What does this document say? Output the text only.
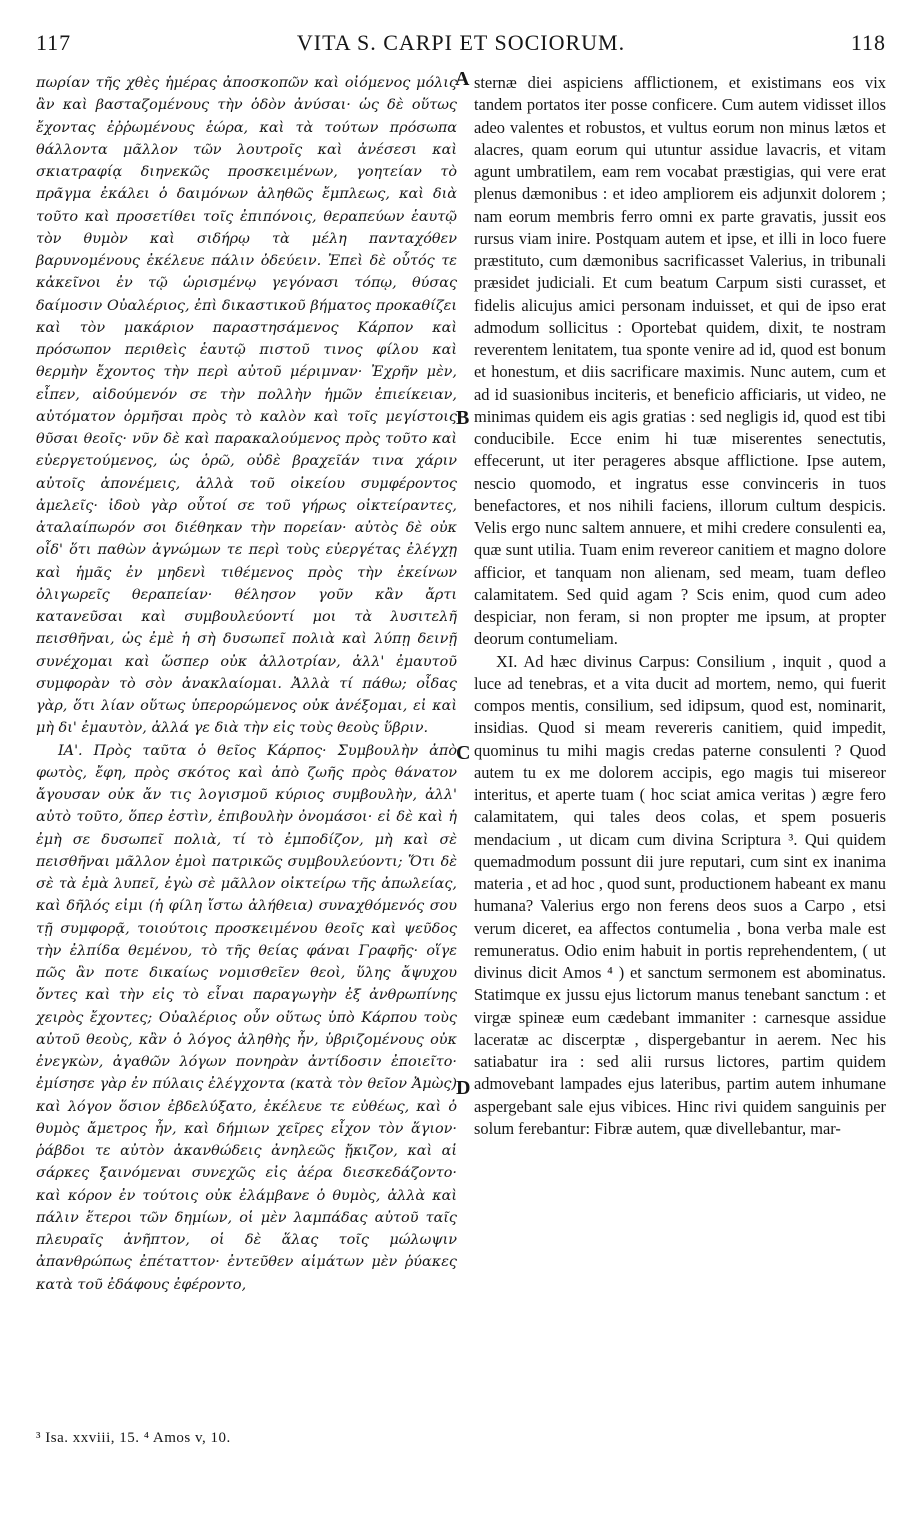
117	VITA S. CARPI ET SOCIORUM.	118

πωρίαν τῆς χθὲς ἡμέρας ἀποσκοπῶν καὶ οἰόμενος μόλις ἂν καὶ βασταζομένους τὴν ὁδὸν ἀνύσαι· ὡς δὲ οὕτως ἔχοντας ἐῤῥωμένους ἑώρα, καὶ τὰ τούτων πρόσωπα θάλλοντα μᾶλλον τῶν λουτροῖς καὶ ἀνέσεσι καὶ σκιατραφίᾳ διηνεκῶς προσκειμένων, γοητείαν τὸ πρᾶγμα ἐκάλει ὁ δαιμόνων ἀληθῶς ἔμπλεως, καὶ διὰ τοῦτο καὶ προσετίθει τοῖς ἐπιπόνοις, θεραπεύων ἑαυτῷ τὸν θυμὸν καὶ σιδήρῳ τὰ μέλη πανταχόθεν βαρυνομένους ἐκέλευε πάλιν ὁδεύειν. Ἐπεὶ δὲ οὗτός τε κἀκεῖνοι ἐν τῷ ὡρισμένῳ γεγόνασι τόπῳ, θύσας δαίμοσιν Οὐαλέριος, ἐπὶ δικαστικοῦ βήματος προκαθίζει καὶ τὸν μακάριον παραστησάμενος Κάρπον καὶ πρόσωπον περιθεὶς ἑαυτῷ πιστοῦ τινος φίλου καὶ θερμὴν ἔχοντος τὴν περὶ αὐτοῦ μέριμναν· Ἐχρῆν μὲν, εἶπεν, αἰδούμενόν σε τὴν πολλὴν ἡμῶν ἐπιείκειαν, αὐτόματον ὁρμῆσαι πρὸς τὸ καλὸν καὶ τοῖς μεγίστοις θῦσαι θεοῖς· νῦν δὲ καὶ παρακαλούμενος πρὸς τοῦτο καὶ εὐεργετούμενος, ὡς ὁρῶ, οὐδὲ βραχεῖάν τινα χάριν αὐτοῖς ἀπονέμεις, ἀλλὰ τοῦ οἰκείου συμφέροντος ἀμελεῖς· ἰδοὺ γὰρ οὗτοί σε τοῦ γήρως οἰκτείραντες, ἀταλαίπωρόν σοι διέθηκαν τὴν πορείαν· αὐτὸς δὲ οὐκ οἶδ' ὅτι παθὼν ἀγνώμων τε περὶ τοὺς εὐεργέτας ἐλέγχῃ καὶ ἡμᾶς ἐν μηδενὶ τιθέμενος πρὸς τὴν ἐκείνων ὀλιγωρεῖς θεραπείαν· θέλησον γοῦν κἂν ἄρτι κατανεῦσαι καὶ συμβουλεύοντί μοι τὰ λυσιτελῆ πεισθῆναι, ὡς ἐμὲ ἡ σὴ δυσωπεῖ πολιὰ καὶ λύπῃ δεινῇ συνέχομαι καὶ ὥσπερ οὐκ ἀλλοτρίαν, ἀλλ' ἐμαυτοῦ συμφορὰν τὸ σὸν ἀνακλαίομαι. Ἀλλὰ τί πάθω; οἶδας γὰρ, ὅτι λίαν οὕτως ὑπερορώμενος οὐκ ἀνέξομαι, εἰ καὶ μὴ δι' ἐμαυτὸν, ἀλλά γε διὰ τὴν εἰς τοὺς θεοὺς ὕβριν.

ΙΑ'. Πρὸς ταῦτα ὁ θεῖος Κάρπος· Συμβουλὴν ἀπὸ φωτὸς, ἔφη, πρὸς σκότος καὶ ἀπὸ ζωῆς πρὸς θάνατον ἄγουσαν οὐκ ἄν τις λογισμοῦ κύριος συμβουλὴν, ἀλλ' αὐτὸ τοῦτο, ὅπερ ἐστὶν, ἐπιβουλὴν ὀνομάσοι· εἰ δὲ καὶ ἡ ἐμὴ σε δυσωπεῖ πολιὰ, τί τὸ ἐμποδίζον, μὴ καὶ σὲ πεισθῆναι μᾶλλον ἐμοὶ πατρικῶς συμβουλεύοντι; Ὅτι δὲ σὲ τὰ ἐμὰ λυπεῖ, ἐγὼ σὲ μᾶλλον οἰκτείρω τῆς ἀπωλείας, καὶ δῆλός εἰμι (ἡ φίλη ἴστω ἀλήθεια) συναχθόμενός σου τῇ συμφορᾷ, τοιούτοις προσκειμένου θεοῖς καὶ ψεῦδος τὴν ἐλπίδα θεμένου, τὸ τῆς θείας φάναι Γραφῆς· οἵγε πῶς ἂν ποτε δικαίως νομισθεῖεν θεοὶ, ὕλης ἄψυχου ὄντες καὶ τὴν εἰς τὸ εἶναι παραγωγὴν ἐξ ἀνθρωπίνης χειρὸς ἔχοντες; Οὐαλέριος οὖν οὕτως ὑπὸ Κάρπου τοὺς αὐτοῦ θεοὺς, κἂν ὁ λόγος ἀληθὴς ἦν, ὑβριζομένους οὐκ ἐνεγκὼν, ἀγαθῶν λόγων πονηρὰν ἀντίδοσιν ἐποιεῖτο· ἐμίσησε γὰρ ἐν πύλαις ἐλέγχοντα (κατὰ τὸν θεῖον Ἀμὼς) καὶ λόγον ὅσιον ἐβδελύξατο, ἐκέλευε τε εὐθέως, καὶ ὁ θυμὸς ἄμετρος ἦν, καὶ δήμιων χεῖρες εἶχον τὸν ἅγιον· ῥάβδοι τε αὐτὸν ἀκανθώδεις ἀνηλεῶς ᾔκιζον, καὶ αἱ σάρκες ξαινόμεναι συνεχῶς εἰς ἀέρα διεσκεδάζοντο· καὶ κόρον ἐν τούτοις οὐκ ἐλάμβανε ὁ θυμὸς, ἀλλὰ καὶ πάλιν ἕτεροι τῶν δημίων, οἱ μὲν λαμπάδας αὐτοῦ ταῖς πλευραῖς ἀνῆπτον, οἱ δὲ ἅλας τοῖς μώλωψιν ἀπανθρώπως ἐπέταττον· ἐντεῦθεν αἱμάτων μὲν ῥύακες κατὰ τοῦ ἐδάφους ἐφέροντο,

A
B
C
D

sternæ diei aspiciens afflictionem, et existimans eos vix tandem portatos iter posse conficere. Cum autem vidisset illos adeo valentes et robustos, et vultus eorum non minus lætos et alacres, quam eorum qui utuntur assidue lavacris, et vitam agunt umbratilem, eam rem vocabat præstigias, qui vere erat plenus dæmonibus : et ideo ampliorem eis adjunxit dolorem ; nam eorum membris ferro omni ex parte gravatis, jussit eos rursus viam inire. Postquam autem et ipse, et illi in loco fuere præstituto, cum dæmonibus sacrificasset Valerius, in tribunali præsidet judiciali. Et cum beatum Carpum sisti curasset, et fidelis alicujus amici personam induisset, et qui de ipso erat admodum sollicitus : Oportebat quidem, dixit, te nostram reverentem lenitatem, tua sponte venire ad id, quod est bonum et honestum, et diis sacrificare maximis. Nunc autem, cum et ad id suasionibus inciteris, et beneficio afficiaris, ut video, ne minimas quidem eis agis gratias : sed negligis id, quod est tibi conducibile. Ecce enim hi tuæ miserentes senectutis, effecerunt, ut iter perageres absque afflictione. Ipse autem, nescio quomodo, et ingratus esse convinceris in tuos benefactores, et nos nihili faciens, illorum cultum despicis. Velis ergo nunc saltem annuere, et mihi credere consulenti ea, quæ sunt utilia. Tuam enim revereor canitiem et magno dolore afficior, et tanquam non alienam, sed meam, tuam defleo calamitatem. Sed quid agam ? Scis enim, quod cum adeo despiciar, non feram, si non propter me ipsum, at propter deorum contumeliam.

XI. Ad hæc divinus Carpus: Consilium , inquit , quod a luce ad tenebras, et a vita ducit ad mortem, nemo, qui fuerit compos mentis, consilium, sed idipsum, quod est, nominarit, insidias. Quod si meam revereris canitiem, quid impedit, quominus tu mihi magis credas paterne consulenti ? Quod autem tu ex me dolorem accipis, ego magis tui misereor interitus, et aperte tuam ( hoc sciat amica veritas ) ægre fero calamitatem, qui tales deos colas, et spem posueris mendacium , ut dicam cum divina Scriptura ³. Qui quidem quemadmodum possunt dii jure reputari, cum sint ex inanima materia , et ad hoc , quod sunt, productionem habeant ex manu humana? Valerius ergo non ferens deos suos a Carpo , etsi verum diceret, ea affectos contumelia , bona verba male est remuneratus. Odio enim habuit in portis reprehendentem, ( ut divinus dicit Amos ⁴ ) et sanctum sermonem est abominatus. Statimque ex jussu ejus lictorum manus tenebant sanctum : et virgæ spineæ eum cædebant immaniter : carnesque assidue laceratæ ac discerptæ , dispergebantur in aerem. Nec his satiabatur ira : sed alii rursus lictores, partim quidem admovebant lampades ejus lateribus, partim autem inhumane aspergebant sale ejus vibices. Hinc rivi quidem sanguinis per solum ferebantur: Fibræ autem, quæ divellebantur, mar-

³ Isa. xxviii, 15. ⁴ Amos v, 10.
